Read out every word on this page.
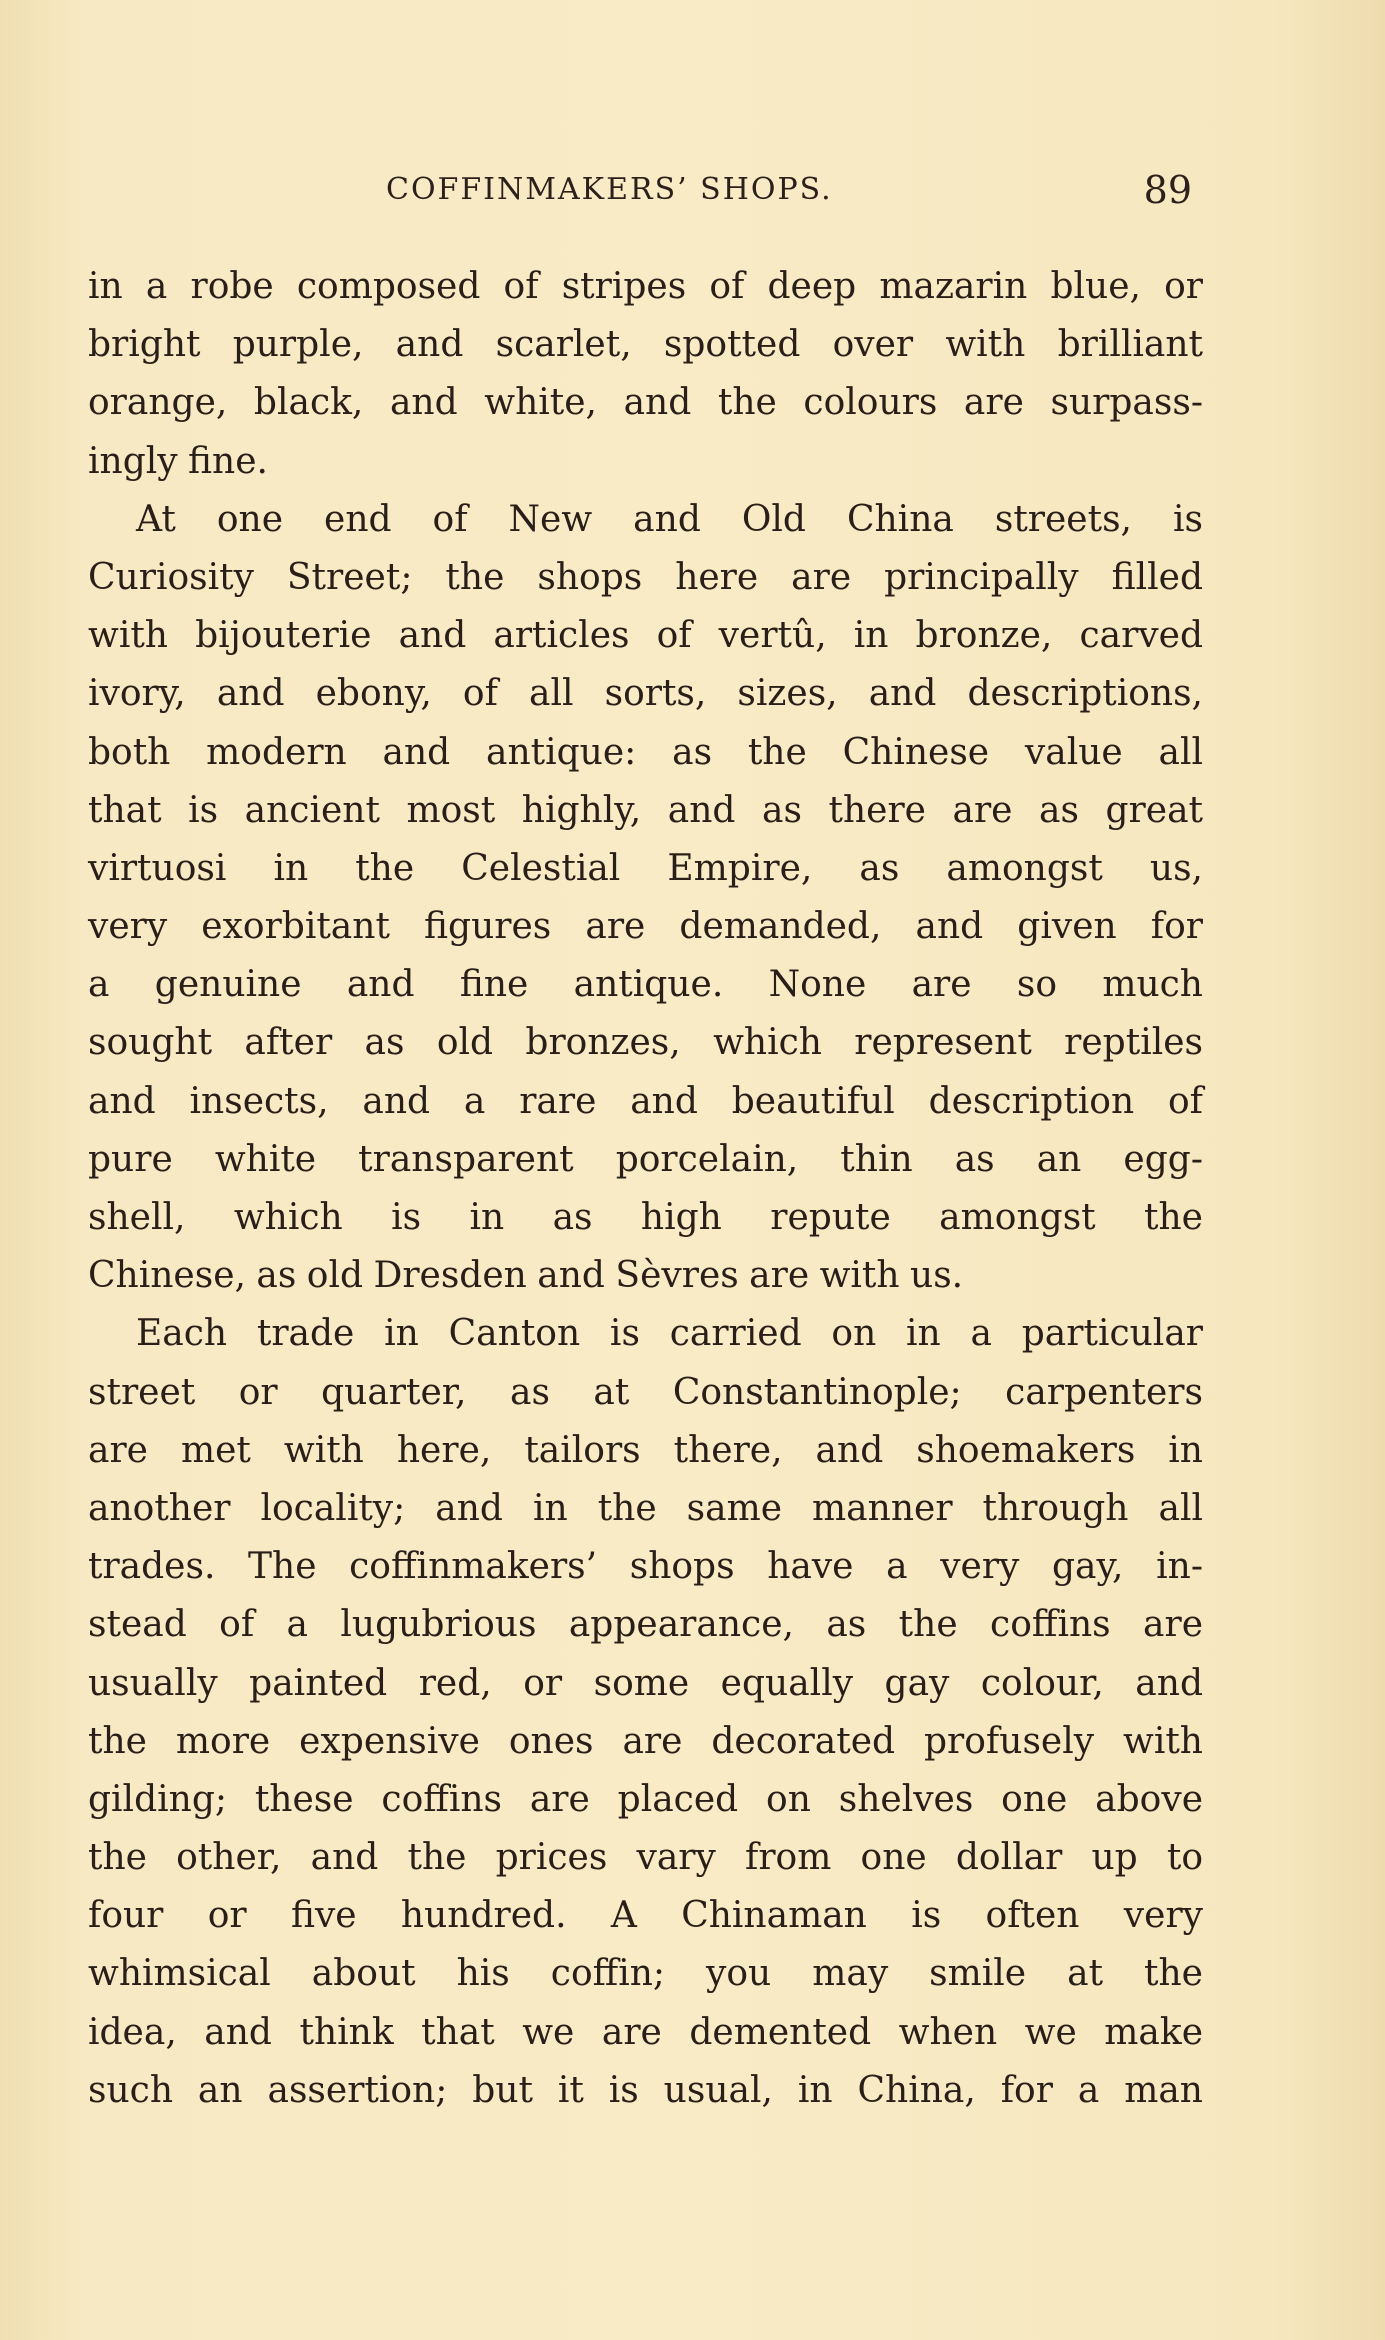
COFFINMAKERS’ SHOPS.	89
in a robe composed of stripes of deep mazarin blue, or
bright purple, and scarlet, spotted over with brilliant
orange, black, and white, and the colours are surpass-
ingly fine.
At one end of New and Old China streets, is
Curiosity Street; the shops here are principally filled
with bijouterie and articles of vertû, in bronze, carved
ivory, and ebony, of all sorts, sizes, and descriptions,
both modern and antique: as the Chinese value all
that is ancient most highly, and as there are as great
virtuosi in the Celestial Empire, as amongst us,
very exorbitant figures are demanded, and given for
a genuine and fine antique. None are so much
sought after as old bronzes, which represent reptiles
and insects, and a rare and beautiful description of
pure white transparent porcelain, thin as an egg-
shell, which is in as high repute amongst the
Chinese, as old Dresden and Sèvres are with us.
Each trade in Canton is carried on in a particular
street or quarter, as at Constantinople; carpenters
are met with here, tailors there, and shoemakers in
another locality; and in the same manner through all
trades. The coffinmakers’ shops have a very gay, in-
stead of a lugubrious appearance, as the coffins are
usually painted red, or some equally gay colour, and
the more expensive ones are decorated profusely with
gilding; these coffins are placed on shelves one above
the other, and the prices vary from one dollar up to
four or five hundred. A Chinaman is often very
whimsical about his coffin; you may smile at the
idea, and think that we are demented when we make
such an assertion; but it is usual, in China, for a man
